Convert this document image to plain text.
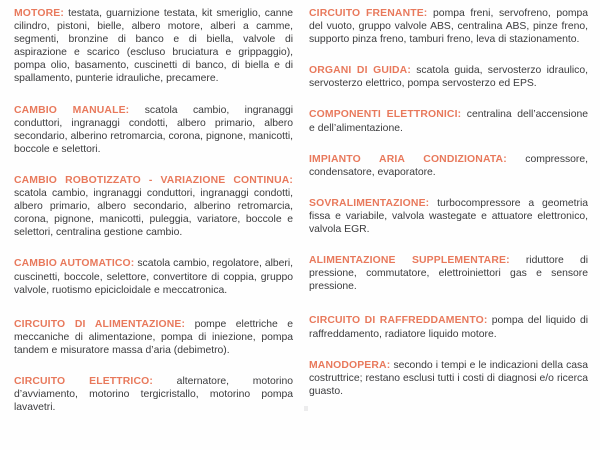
MOTORE: testata, guarnizione testata, kit smeriglio, canne cilindro, pistoni, bielle, albero motore, alberi a camme, segmenti, bronzine di banco e di biella, valvole di aspirazione e scarico (escluso bruciatura e grippaggio), pompa olio, basamento, cuscinetti di banco, di biella e di spallamento, punterie idrauliche, precamere.

CAMBIO MANUALE: scatola cambio, ingranaggi conduttori, ingranaggi condotti, albero primario, albero secondario, alberino retromarcia, corona, pignone, manicotti, boccole e selettori.

CAMBIO ROBOTIZZATO - VARIAZIONE CONTINUA: scatola cambio, ingranaggi conduttori, ingranaggi condotti, albero primario, albero secondario, alberino retromarcia, corona, pignone, manicotti, puleggia, variatore, boccole e selettori, centralina gestione cambio.

CAMBIO AUTOMATICO: scatola cambio, regolatore, alberi, cuscinetti, boccole, selettore, convertitore di coppia, gruppo valvole, ruotismo epicicloidale e meccatronica.

CIRCUITO DI ALIMENTAZIONE: pompe elettriche e meccaniche di alimentazione, pompa di iniezione, pompa tandem e misuratore massa d’aria (debimetro).

CIRCUITO ELETTRICO: alternatore, motorino d’avviamento, motorino tergicristallo, motorino pompa lavavetri.

CIRCUITO FRENANTE: pompa freni, servofreno, pompa del vuoto, gruppo valvole ABS, centralina ABS, pinze freno, supporto pinza freno, tamburi freno, leva di stazionamento.

ORGANI DI GUIDA: scatola guida, servosterzo idraulico, servosterzo elettrico, pompa servosterzo ed EPS.

COMPONENTI ELETTRONICI: centralina dell’accensione e dell’alimentazione.

IMPIANTO ARIA CONDIZIONATA: compressore, condensatore, evaporatore.

SOVRALIMENTAZIONE: turbocompressore a geometria fissa e variabile, valvola wastegate e attuatore elettronico, valvola EGR.

ALIMENTAZIONE SUPPLEMENTARE: riduttore di pressione, commutatore, elettroiniettori gas e sensore pressione.

CIRCUITO DI RAFFREDDAMENTO: pompa del liquido di raffreddamento, radiatore liquido motore.

MANODOPERA: secondo i tempi e le indicazioni della casa costruttrice; restano esclusi tutti i costi di diagnosi e/o ricerca guasto.
